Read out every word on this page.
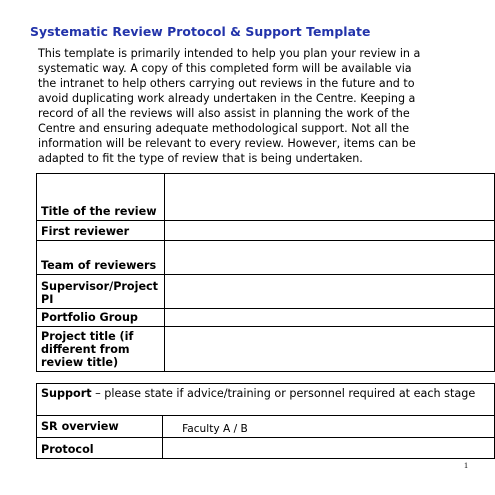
Systematic Review Protocol & Support Template
This template is primarily intended to help you plan your review in a
systematic way. A copy of this completed form will be available via
the intranet to help others carrying out reviews in the future and to
avoid duplicating work already undertaken in the Centre. Keeping a
record of all the reviews will also assist in planning the work of the
Centre and ensuring adequate methodological support. Not all the
information will be relevant to every review. However, items can be
adapted to fit the type of review that is being undertaken.
Title of the review	
First reviewer	
Team of reviewers	
Supervisor/Project PI	
Portfolio Group	
Project title (if different from review title)	
Support – please state if advice/training or personnel required at each stage	
SR overview	Faculty A / B
Protocol	
1
